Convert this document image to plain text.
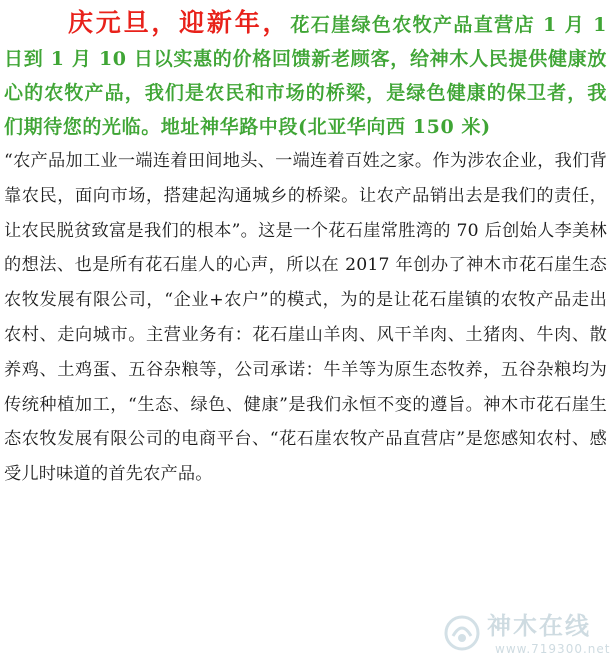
庆元旦，迎新年，花石崖绿色农牧产品直营店 1 月 1 日到 1 月 10 日以实惠的价格回馈新老顾客，给神木人民提供健康放心的农牧产品，我们是农民和市场的桥梁，是绿色健康的保卫者，我们期待您的光临。地址神华路中段(北亚华向西 150 米)

“农产品加工业一端连着田间地头、一端连着百姓之家。作为涉农企业，我们背靠农民，面向市场，搭建起沟通城乡的桥梁。让农产品销出去是我们的责任，让农民脱贫致富是我们的根本”。这是一个花石崖常胜湾的 70 后创始人李美林的想法、也是所有花石崖人的心声，所以在 2017 年创办了神木市花石崖生态农牧发展有限公司，“企业+农户”的模式，为的是让花石崖镇的农牧产品走出农村、走向城市。主营业务有：花石崖山羊肉、风干羊肉、土猪肉、牛肉、散养鸡、土鸡蛋、五谷杂粮等，公司承诺：牛羊等为原生态牧养，五谷杂粮均为传统种植加工，“生态、绿色、健康”是我们永恒不变的遵旨。神木市花石崖生态农牧发展有限公司的电商平台、“花石崖农牧产品直营店”是您感知农村、感受儿时味道的首先农产品。

神木在线
www.719300.net
